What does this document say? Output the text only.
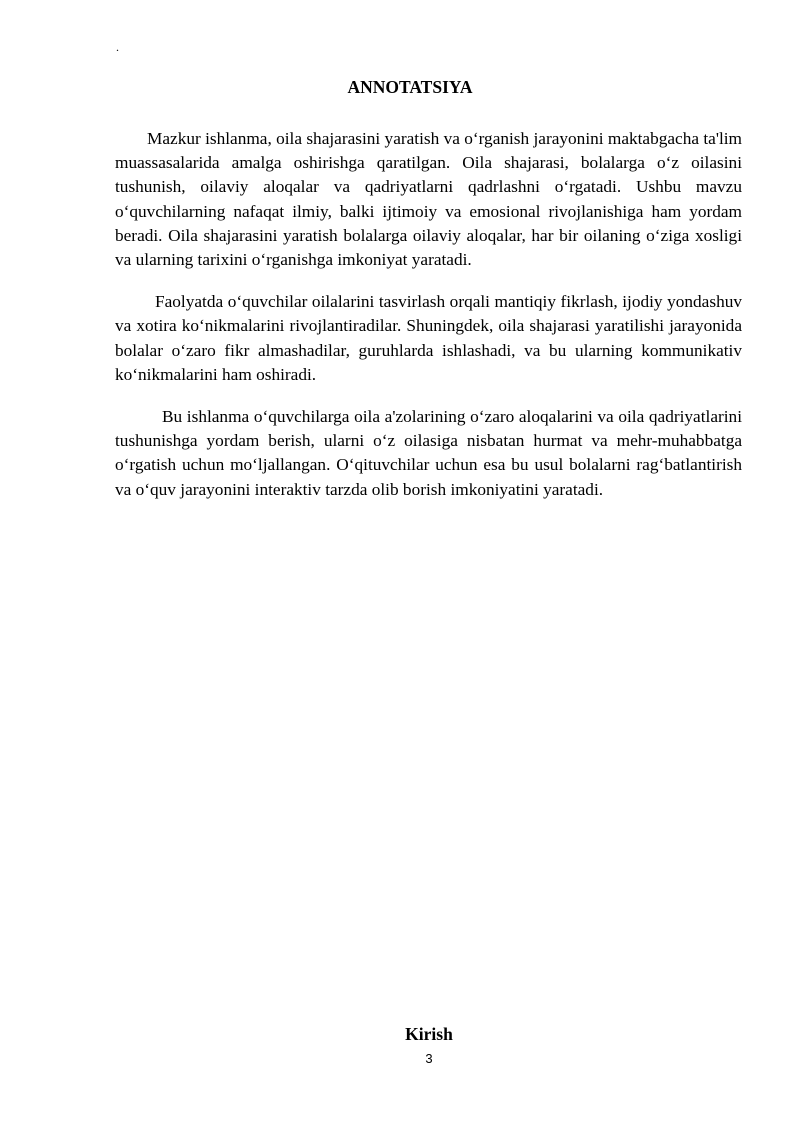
.
ANNOTATSIYA

Mazkur ishlanma, oila shajarasini yaratish va o‘rganish jarayonini maktabgacha ta'lim muassasalarida amalga oshirishga qaratilgan. Oila shajarasi, bolalarga o‘z oilasini tushunish, oilaviy aloqalar va qadriyatlarni qadrlashni o‘rgatadi. Ushbu mavzu o‘quvchilarning nafaqat ilmiy, balki ijtimoiy va emosional rivojlanishiga ham yordam beradi. Oila shajarasini yaratish bolalarga oilaviy aloqalar, har bir oilaning o‘ziga xosligi va ularning tarixini o‘rganishga imkoniyat yaratadi.

Faolyatda o‘quvchilar oilalarini tasvirlash orqali mantiqiy fikrlash, ijodiy yondashuv va xotira ko‘nikmalarini rivojlantiradilar. Shuningdek, oila shajarasi yaratilishi jarayonida bolalar o‘zaro fikr almashadilar, guruhlarda ishlashadi, va bu ularning kommunikativ ko‘nikmalarini ham oshiradi.

Bu ishlanma o‘quvchilarga oila a'zolarining o‘zaro aloqalarini va oila qadriyatlarini tushunishga yordam berish, ularni o‘z oilasiga nisbatan hurmat va mehr-muhabbatga o‘rgatish uchun mo‘ljallangan. O‘qituvchilar uchun esa bu usul bolalarni rag‘batlantirish va o‘quv jarayonini interaktiv tarzda olib borish imkoniyatini yaratadi.

Kirish
3
